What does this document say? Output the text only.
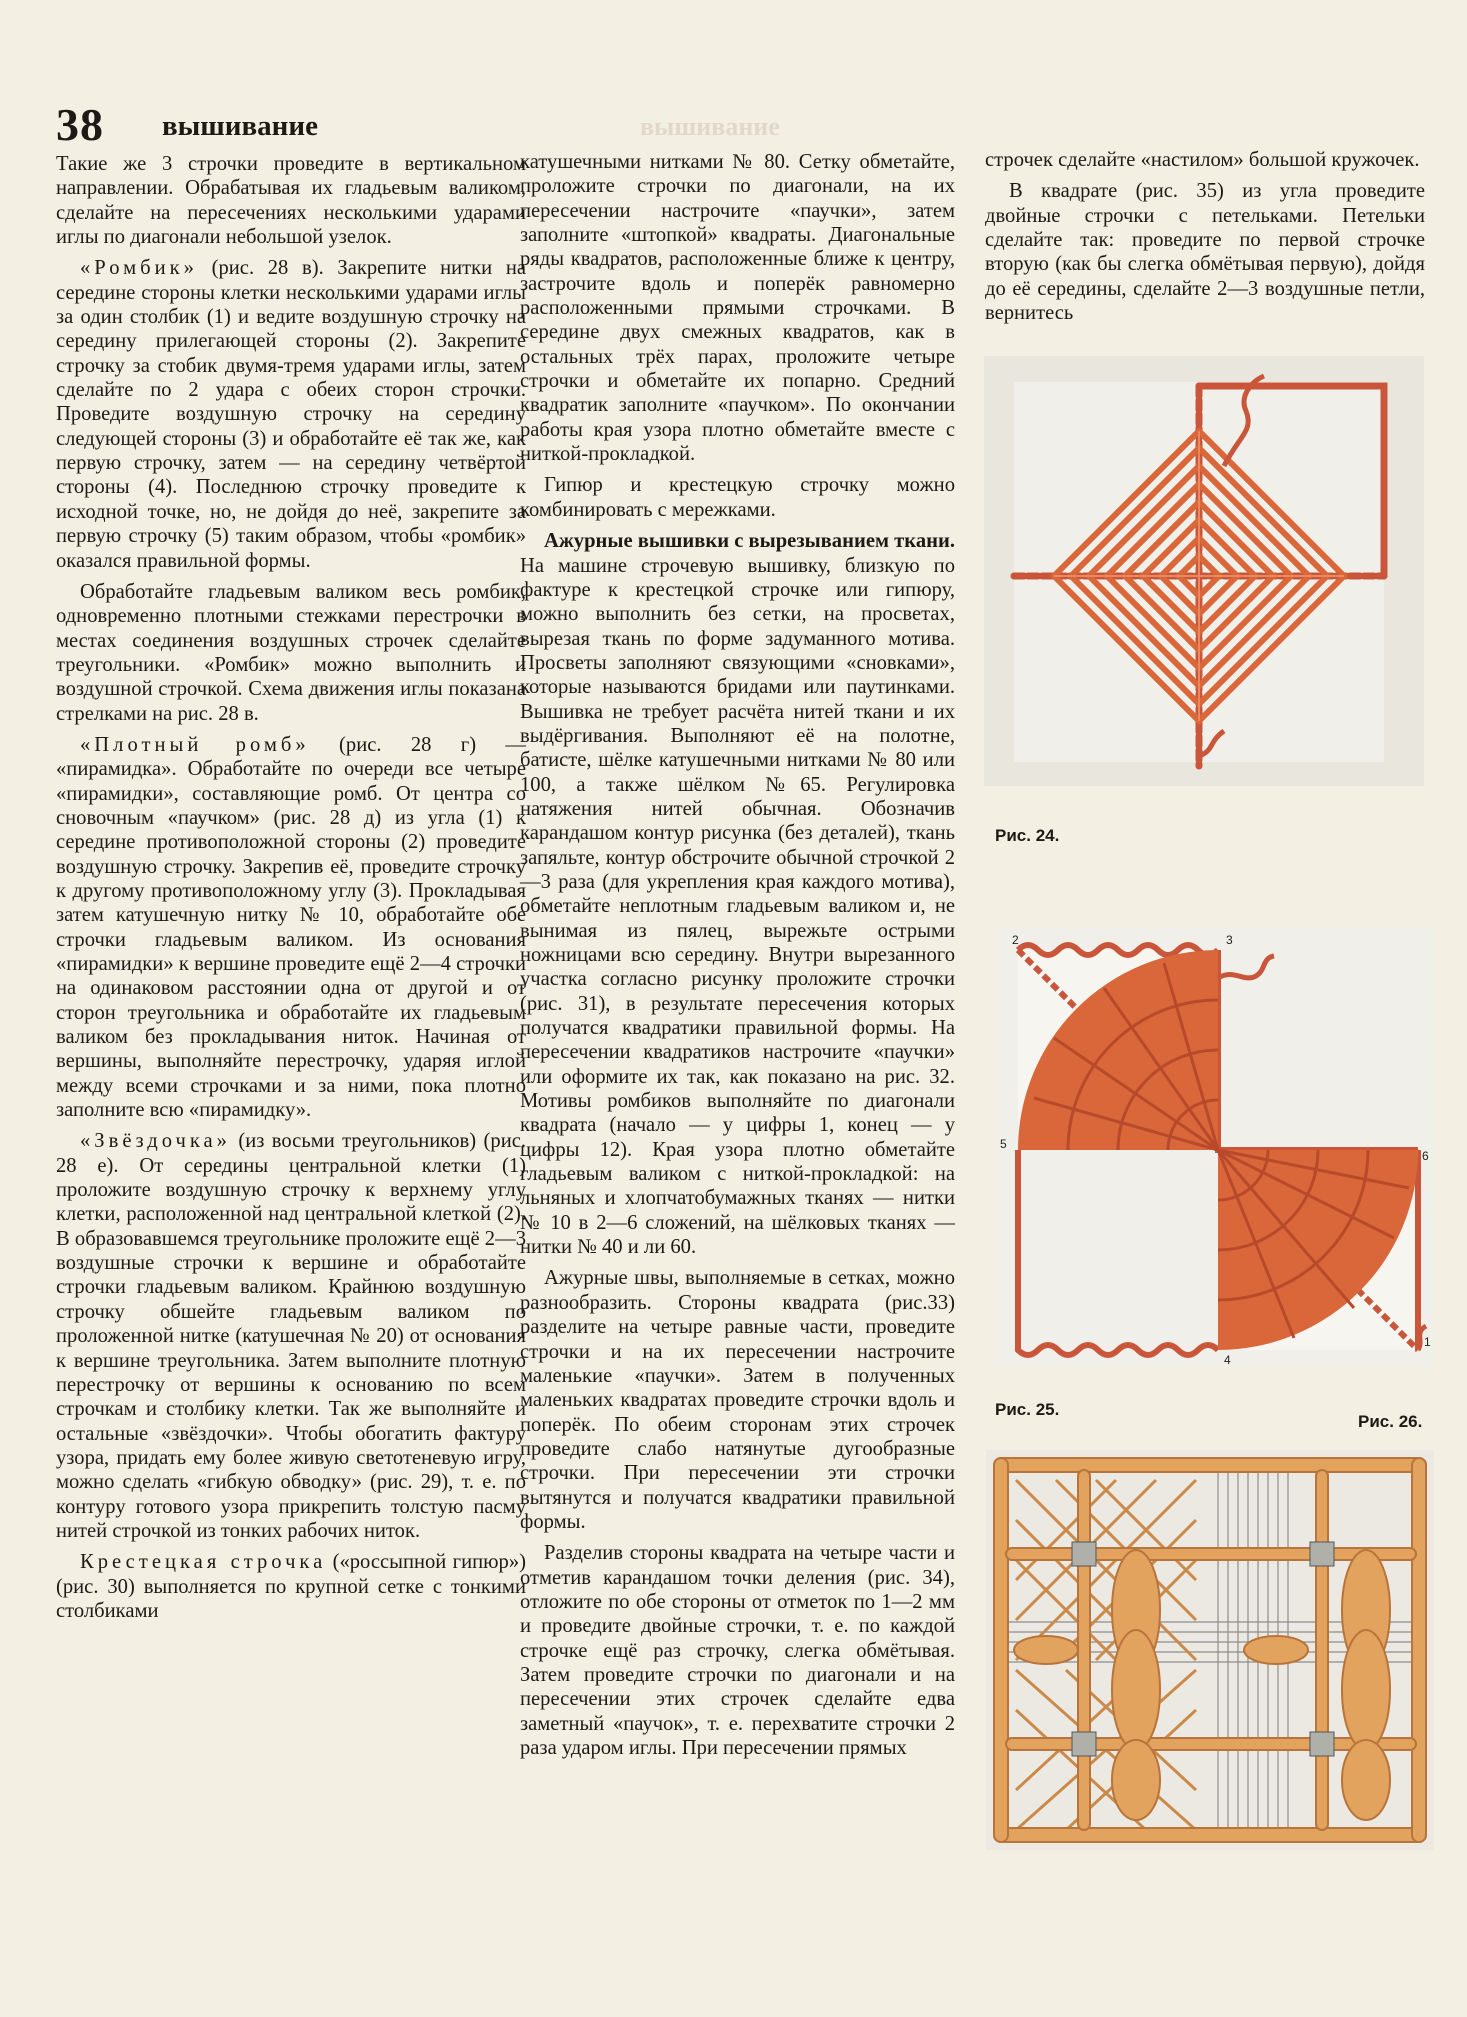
38 вышивание	вышивание

Такие же 3 строчки проведите в вертикальном направлении. Обрабатывая их гладьевым валиком, сделайте на пересечениях несколькими ударами иглы по диагонали небольшой узелок.

«Ромбик» (рис. 28 в). Закрепите нитки на середине стороны клетки несколькими ударами иглы за один столбик (1) и ведите воздушную строчку на середину прилегающей стороны (2). Закрепите строчку за стобик двумя-тремя ударами иглы, затем сделайте по 2 удара с обеих сторон строчки. Проведите воздушную строчку на середину следующей стороны (3) и обработайте её так же, как первую строчку, затем — на середину четвёртой стороны (4). Последнюю строчку проведите к исходной точке, но, не дойдя до неё, закрепите за первую строчку (5) таким образом, чтобы «ромбик» оказался правильной формы.

Обработайте гладьевым валиком весь ромбик, одновременно плотными стежками перестрочки в местах соединения воздушных строчек сделайте треугольники. «Ромбик» можно выполнить и воздушной строчкой. Схема движения иглы показана стрелками на рис. 28 в.

«Плотный ромб» (рис. 28 г) — «пирамидка». Обработайте по очереди все четыре «пирамидки», составляющие ромб. От центра со сновочным «паучком» (рис. 28 д) из угла (1) к середине противоположной стороны (2) проведите воздушную строчку. Закрепив её, проведите строчку к другому противоположному углу (3). Прокладывая затем катушечную нитку № 10, обработайте обе строчки гладьевым валиком. Из основания «пирамидки» к вершине проведите ещё 2—4 строчки на одинаковом расстоянии одна от другой и от сторон треугольника и обработайте их гладьевым валиком без прокладывания ниток. Начиная от вершины, выполняйте перестрочку, ударяя иглой между всеми строчками и за ними, пока плотно заполните всю «пирамидку».

«Звёздочка» (из восьми треугольников) (рис. 28 е). От середины центральной клетки (1) проложите воздушную строчку к верхнему углу клетки, расположенной над центральной клеткой (2). В образовавшемся треугольнике проложите ещё 2—3 воздушные строчки к вершине и обработайте строчки гладьевым валиком. Крайнюю воздушную строчку обшейте гладьевым валиком по проложенной нитке (катушечная № 20) от основания к вершине треугольника. Затем выполните плотную перестрочку от вершины к основанию по всем строчкам и столбику клетки. Так же выполняйте и остальные «звёздочки». Чтобы обогатить фактуру узора, придать ему более живую светотеневую игру, можно сделать «гибкую обводку» (рис. 29), т. е. по контуру готового узора прикрепить толстую пасму нитей строчкой из тонких рабочих ниток.

Крестецкая строчка («россыпной гипюр») (рис. 30) выполняется по крупной сетке с тонкими столбиками

катушечными нитками № 80. Сетку обметайте, проложите строчки по диагонали, на их пересечении настрочите «паучки», затем заполните «штопкой» квадраты. Диагональные ряды квадратов, расположенные ближе к центру, застрочите вдоль и поперёк равномерно расположенными прямыми строчками. В середине двух смежных квадратов, как в остальных трёх парах, проложите четыре строчки и обметайте их попарно. Средний квадратик заполните «паучком». По окончании работы края узора плотно обметайте вместе с ниткой-прокладкой.

Гипюр и крестецкую строчку можно комбинировать с мережками.

Ажурные вышивки с вырезыванием ткани. На машине строчевую вышивку, близкую по фактуре к крестецкой строчке или гипюру, можно выполнить без сетки, на просветах, вырезая ткань по форме задуманного мотива. Просветы заполняют связующими «сновками», которые называются бридами или паутинками. Вышивка не требует расчёта нитей ткани и их выдёргивания. Выполняют её на полотне, батисте, шёлке катушечными нитками № 80 или 100, а также шёлком №65. Регулировка натяжения нитей обычная. Обозначив карандашом контур рисунка (без деталей), ткань запяльте, контур обстрочите обычной строчкой 2—3 раза (для укрепления края каждого мотива), обметайте неплотным гладьевым валиком и, не вынимая из пялец, вырежьте острыми ножницами всю середину. Внутри вырезанного участка согласно рисунку проложите строчки (рис. 31), в результате пересечения которых получатся квадратики правильной формы. На пересечении квадратиков настрочите «паучки» или оформите их так, как показано на рис. 32. Мотивы ромбиков выполняйте по диагонали квадрата (начало — у цифры 1, конец — у цифры 12). Края узора плотно обметайте гладьевым валиком с ниткой-прокладкой: на льняных и хлопчатобумажных тканях — нитки № 10 в 2—6 сложений, на шёлковых тканях — нитки № 40 и ли 60.

Ажурные швы, выполняемые в сетках, можно разнообразить. Стороны квадрата (рис.33) разделите на четыре равные части, проведите строчки и на их пересечении настрочите маленькие «паучки». Затем в полученных маленьких квадратах проведите строчки вдоль и поперёк. По обеим сторонам этих строчек проведите слабо натянутые дугообразные строчки. При пересечении эти строчки вытянутся и получатся квадратики правильной формы.

Разделив стороны квадрата на четыре части и отметив карандашом точки деления (рис. 34), отложите по обе стороны от отметок по 1—2 мм и проведите двойные строчки, т. е. по каждой строчке ещё раз строчку, слегка обмётывая. Затем проведите строчки по диагонали и на пересечении этих строчек сделайте едва заметный «паучок», т. е. перехватите строчки 2 раза ударом иглы. При пересечении прямых

строчек сделайте «настилом» большой кружочек.

В квадрате (рис. 35) из угла проведите двойные строчки с петельками. Петельки сделайте так: проведите по первой строчке вторую (как бы слегка обмётывая первую), дойдя до её середины, сделайте 2—3 воздушные петли, вернитесь

Рис. 24.
2	3
5
6
4
1
Рис. 25.
Рис. 26.
